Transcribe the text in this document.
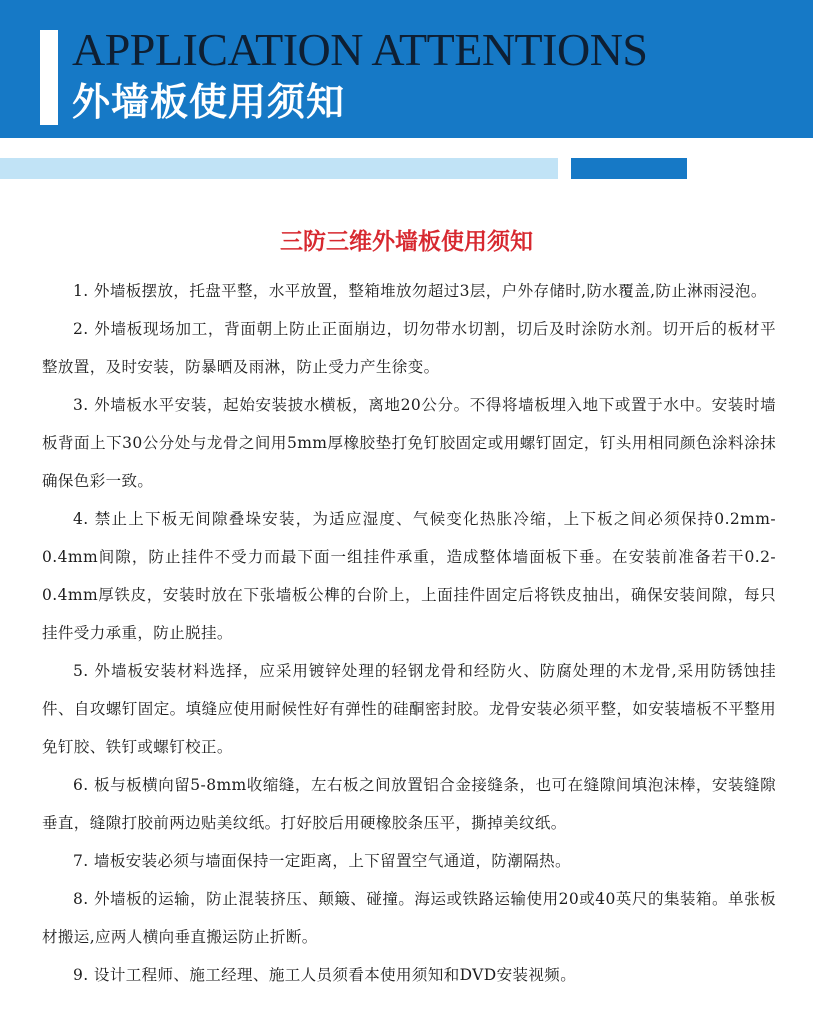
APPLICATION ATTENTIONS
外墙板使用须知
三防三维外墙板使用须知

1. 外墙板摆放，托盘平整，水平放置，整箱堆放勿超过3层，户外存储时,防水覆盖,防止淋雨浸泡。

2. 外墙板现场加工，背面朝上防止正面崩边，切勿带水切割，切后及时涂防水剂。切开后的板材平整放置，及时安装，防暴晒及雨淋，防止受力产生徐变。

3. 外墙板水平安装，起始安装披水横板，离地20公分。不得将墙板埋入地下或置于水中。安装时墙板背面上下30公分处与龙骨之间用5mm厚橡胶垫打免钉胶固定或用螺钉固定，钉头用相同颜色涂料涂抹确保色彩一致。

4. 禁止上下板无间隙叠垛安装，为适应湿度、气候变化热胀冷缩，上下板之间必须保持0.2mm-0.4mm间隙，防止挂件不受力而最下面一组挂件承重，造成整体墙面板下垂。在安装前准备若干0.2-0.4mm厚铁皮，安装时放在下张墙板公榫的台阶上，上面挂件固定后将铁皮抽出，确保安装间隙，每只挂件受力承重，防止脱挂。

5. 外墙板安装材料选择，应采用镀锌处理的轻钢龙骨和经防火、防腐处理的木龙骨,采用防锈蚀挂件、自攻螺钉固定。填缝应使用耐候性好有弹性的硅酮密封胶。龙骨安装必须平整，如安装墙板不平整用免钉胶、铁钉或螺钉校正。

6. 板与板横向留5-8mm收缩缝，左右板之间放置铝合金接缝条，也可在缝隙间填泡沫棒，安装缝隙垂直，缝隙打胶前两边贴美纹纸。打好胶后用硬橡胶条压平，撕掉美纹纸。

7. 墙板安装必须与墙面保持一定距离，上下留置空气通道，防潮隔热。

8. 外墙板的运输，防止混装挤压、颠簸、碰撞。海运或铁路运输使用20或40英尺的集装箱。单张板材搬运,应两人横向垂直搬运防止折断。

9. 设计工程师、施工经理、施工人员须看本使用须知和DVD安装视频。
